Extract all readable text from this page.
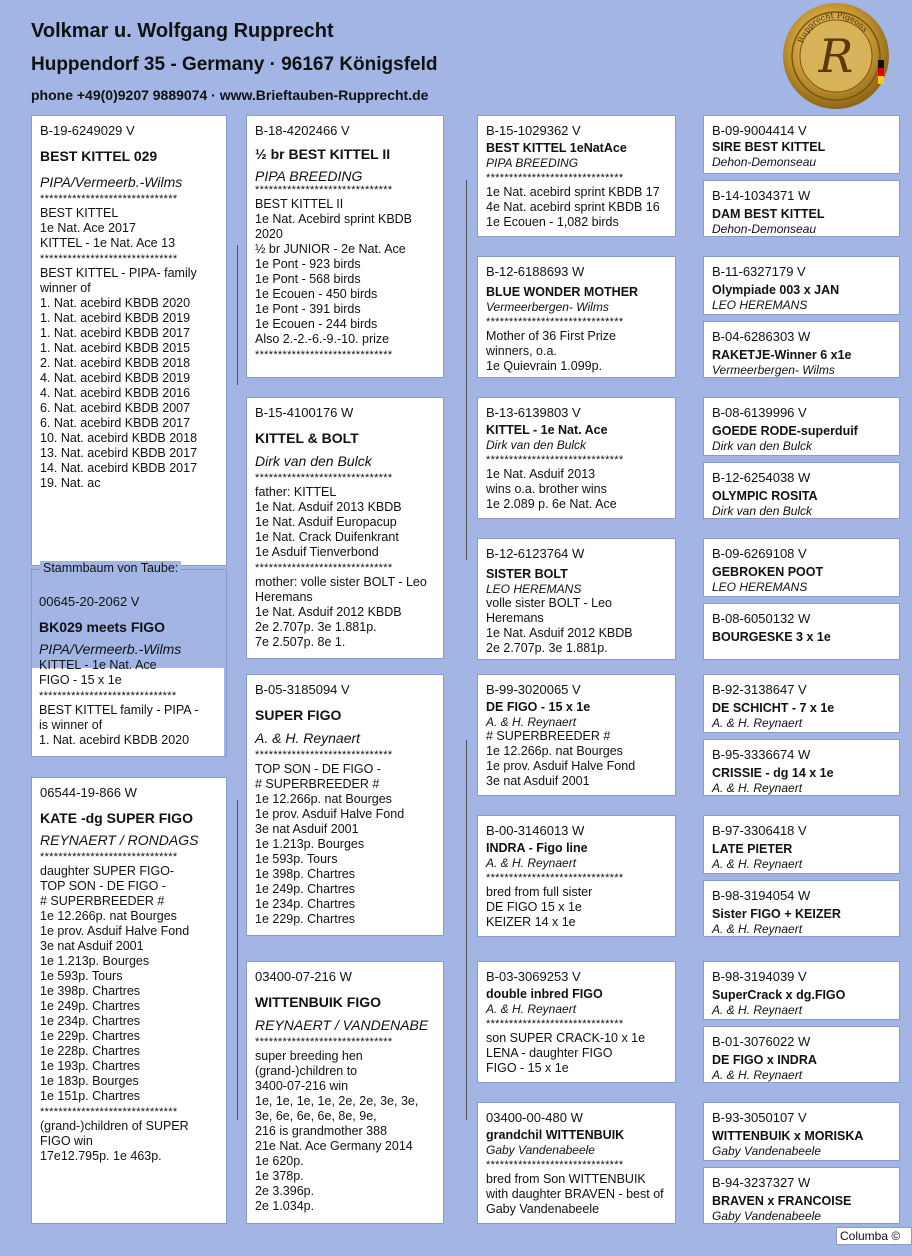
Volkmar u. Wolfgang Rupprecht
Huppendorf 35 - Germany · 96167 Königsfeld
phone +49(0)9207 9889074 · www.Brieftauben-Rupprecht.de
Rupprecht Pigeons
R
B-19-6249029 V
BEST KITTEL 029
PIPA/Vermeerb.-Wilms
******************************
BEST KITTEL
1e Nat. Ace 2017
KITTEL - 1e Nat. Ace 13
******************************
BEST KITTEL - PIPA- family
winner of
1. Nat. acebird KBDB 2020
1. Nat. acebird KBDB 2019
1. Nat. acebird KBDB 2017
1. Nat. acebird KBDB 2015
2. Nat. acebird KBDB 2018
4. Nat. acebird KBDB 2019
4. Nat. acebird KBDB 2016
6. Nat. acebird KBDB 2007
6. Nat. acebird KBDB 2017
10. Nat. acebird KBDB 2018
13. Nat. acebird KBDB 2017
14. Nat. acebird KBDB 2017
19. Nat. ac
Stammbaum von Taube:
00645-20-2062 V
BK029 meets FIGO
PIPA/Vermeerb.-Wilms
KITTEL - 1e Nat. Ace
FIGO - 15 x 1e
******************************
BEST KITTEL family - PIPA -
is winner of
1. Nat. acebird KBDB 2020
06544-19-866 W
KATE -dg SUPER FIGO
REYNAERT / RONDAGS
******************************
daughter SUPER FIGO-
TOP SON - DE FIGO -
# SUPERBREEDER #
1e 12.266p. nat Bourges
1e prov. Asduif Halve Fond
3e nat Asduif 2001
1e 1.213p. Bourges
1e 593p. Tours
1e 398p. Chartres
1e 249p. Chartres
1e 234p. Chartres
1e 229p. Chartres
1e 228p. Chartres
1e 193p. Chartres
1e 183p. Bourges
1e 151p. Chartres
******************************
(grand-)children of SUPER
FIGO win
17e12.795p. 1e 463p.
B-18-4202466 V
½ br BEST KITTEL II
PIPA BREEDING
******************************
BEST KITTEL II
1e Nat. Acebird sprint KBDB
2020
½ br JUNIOR - 2e Nat. Ace
1e Pont - 923 birds
1e Pont - 568 birds
1e Ecouen - 450 birds
1e Pont - 391 birds
1e Ecouen - 244 birds
Also 2.-2.-6.-9.-10. prize
******************************
B-15-4100176 W
KITTEL & BOLT
Dirk van den Bulck
******************************
father: KITTEL
1e Nat. Asduif 2013 KBDB
1e Nat. Asduif Europacup
1e Nat. Crack Duifenkrant
1e Asduif Tienverbond
******************************
mother: volle sister BOLT - Leo
Heremans
1e Nat. Asduif 2012 KBDB
2e 2.707p. 3e 1.881p.
7e 2.507p. 8e 1.
B-05-3185094 V
SUPER FIGO
A. & H. Reynaert
******************************
TOP SON - DE FIGO -
# SUPERBREEDER #
1e 12.266p. nat Bourges
1e prov. Asduif Halve Fond
3e nat Asduif 2001
1e 1.213p. Bourges
1e 593p. Tours
1e 398p. Chartres
1e 249p. Chartres
1e 234p. Chartres
1e 229p. Chartres
03400-07-216 W
WITTENBUIK FIGO
REYNAERT / VANDENABE
******************************
super breeding hen
(grand-)children to
3400-07-216 win
1e, 1e, 1e, 1e, 2e, 2e, 3e, 3e,
3e, 6e, 6e, 6e, 8e, 9e,
216 is grandmother 388
21e Nat. Ace Germany 2014
1e 620p.
1e 378p.
2e 3.396p.
2e 1.034p.
B-15-1029362 V
BEST KITTEL 1eNatAce
PIPA BREEDING
******************************
1e Nat. acebird sprint KBDB 17
4e Nat. acebird sprint KBDB 16
1e Ecouen - 1,082 birds
B-12-6188693 W
BLUE WONDER MOTHER
Vermeerbergen- Wilms
******************************
Mother of 36 First Prize
winners, o.a.
1e Quievrain 1.099p.
B-13-6139803 V
KITTEL - 1e Nat. Ace
Dirk van den Bulck
******************************
1e Nat. Asduif 2013
wins o.a. brother wins
1e 2.089 p. 6e Nat. Ace
B-12-6123764 W
SISTER BOLT
LEO HEREMANS
volle sister BOLT - Leo
Heremans
1e Nat. Asduif 2012 KBDB
2e 2.707p. 3e 1.881p.
B-99-3020065 V
DE FIGO - 15 x 1e
A. & H. Reynaert
# SUPERBREEDER #
1e 12.266p. nat Bourges
1e prov. Asduif Halve Fond
3e nat Asduif 2001
B-00-3146013 W
INDRA - Figo line
A. & H. Reynaert
******************************
bred from full sister
DE FIGO 15 x 1e
KEIZER 14 x 1e
B-03-3069253 V
double inbred FIGO
A. & H. Reynaert
******************************
son SUPER CRACK-10 x 1e
LENA - daughter FIGO
FIGO - 15 x 1e
03400-00-480 W
grandchil WITTENBUIK
Gaby Vandenabeele
******************************
bred from Son WITTENBUIK
with daughter BRAVEN - best of
Gaby Vandenabeele
B-09-9004414 V
SIRE BEST KITTEL
Dehon-Demonseau
B-14-1034371 W
DAM BEST KITTEL
Dehon-Demonseau
B-11-6327179 V
Olympiade 003 x JAN
LEO HEREMANS
B-04-6286303 W
RAKETJE-Winner 6 x1e
Vermeerbergen- Wilms
B-08-6139996 V
GOEDE RODE-superduif
Dirk van den Bulck
B-12-6254038 W
OLYMPIC ROSITA
Dirk van den Bulck
B-09-6269108 V
GEBROKEN POOT
LEO HEREMANS
B-08-6050132 W
BOURGESKE 3 x 1e
B-92-3138647 V
DE SCHICHT - 7 x 1e
A. & H. Reynaert
B-95-3336674 W
CRISSIE - dg 14 x 1e
A. & H. Reynaert
B-97-3306418 V
LATE PIETER
A. & H. Reynaert
B-98-3194054 W
Sister FIGO + KEIZER
A. & H. Reynaert
B-98-3194039 V
SuperCrack x dg.FIGO
A. & H. Reynaert
B-01-3076022 W
DE FIGO x INDRA
A. & H. Reynaert
B-93-3050107 V
WITTENBUIK x MORISKA
Gaby Vandenabeele
B-94-3237327 W
BRAVEN x FRANCOISE
Gaby Vandenabeele
Columba ©
